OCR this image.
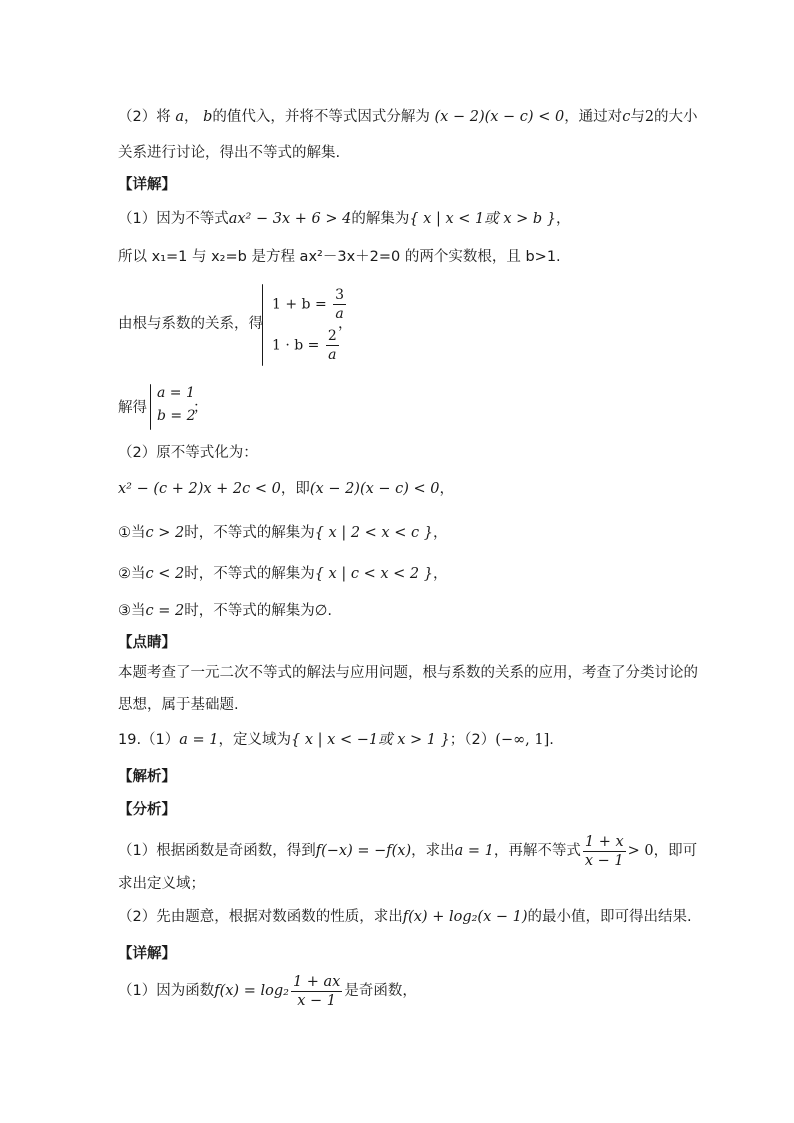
（2）将 a， b的值代入，并将不等式因式分解为 (x − 2)(x − c) < 0，通过对c与2的大小
关系进行讨论，得出不等式的解集.
【详解】
（1）因为不等式ax² − 3x + 6 > 4的解集为{ x | x < 1或 x > b }，
所以 x₁=1 与 x₂=b 是方程 ax²－3x＋2=0 的两个实数根，且 b>1.
由根与系数的关系，得
$1 + b = \frac{3}{a}$
$1 \cdot b = \frac{2}{a}$
，
解得
a = 1
b = 2
；
（2）原不等式化为：
x² − (c + 2)x + 2c < 0，即(x − 2)(x − c) < 0，
①当c > 2时，不等式的解集为{ x | 2 < x < c }，
②当c < 2时，不等式的解集为{ x | c < x < 2 }，
③当c = 2时，不等式的解集为∅.
【点睛】
本题考查了一元二次不等式的解法与应用问题，根与系数的关系的应用，考查了分类讨论的
思想，属于基础题.
19.（1）a = 1，定义域为{ x | x < −1或 x > 1 }；（2）(−∞, 1].
【解析】
【分析】
（1）根据函数是奇函数，得到f(−x) = −f(x)，求出a = 1，再解不等式 $\frac{1 + x}{x - 1} > 0$，即可
求出定义域；
（2）先由题意，根据对数函数的性质，求出f(x) + log₂(x − 1)的最小值，即可得出结果.
【详解】
（1）因为函数$f(x) = \log_2 \frac{1 + ax}{x - 1}$ 是奇函数，
